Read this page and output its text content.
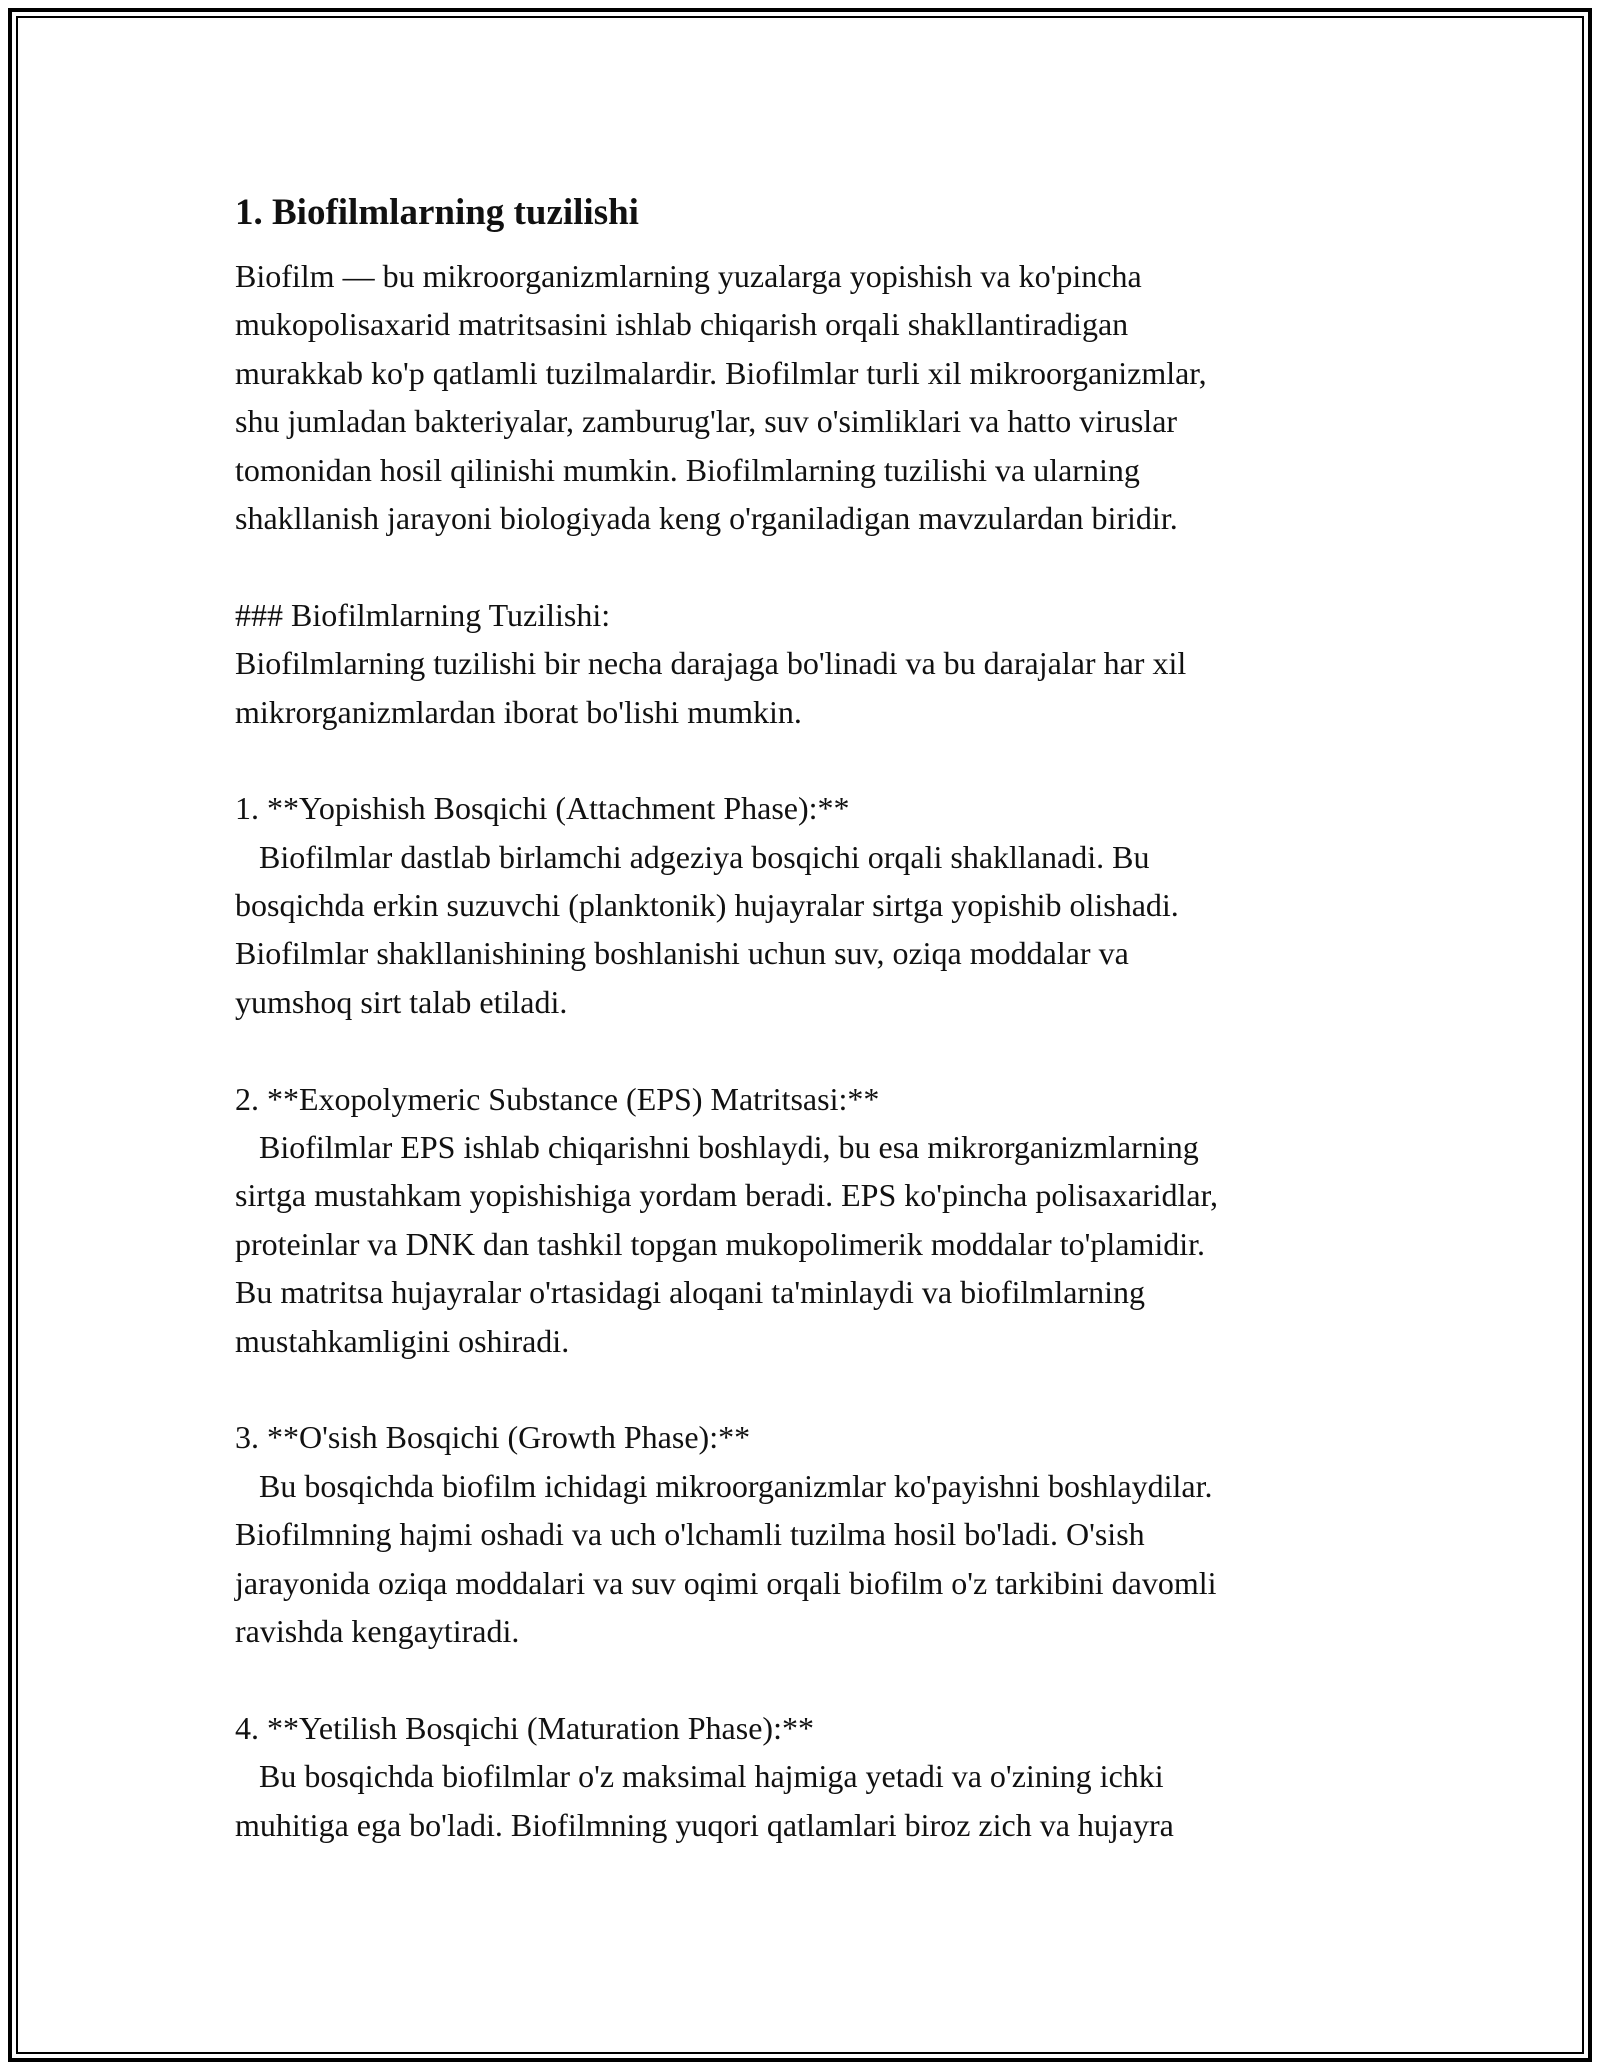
1. Biofilmlarning tuzilishi
Biofilm — bu mikroorganizmlarning yuzalarga yopishish va ko'pincha
mukopolisaxarid matritsasini ishlab chiqarish orqali shakllantiradigan
murakkab ko'p qatlamli tuzilmalardir. Biofilmlar turli xil mikroorganizmlar,
shu jumladan bakteriyalar, zamburug'lar, suv o'simliklari va hatto viruslar
tomonidan hosil qilinishi mumkin. Biofilmlarning tuzilishi va ularning
shakllanish jarayoni biologiyada keng o'rganiladigan mavzulardan biridir.
### Biofilmlarning Tuzilishi:
Biofilmlarning tuzilishi bir necha darajaga bo'linadi va bu darajalar har xil
mikrorganizmlardan iborat bo'lishi mumkin.
1. **Yopishish Bosqichi (Attachment Phase):**
Biofilmlar dastlab birlamchi adgeziya bosqichi orqali shakllanadi. Bu
bosqichda erkin suzuvchi (planktonik) hujayralar sirtga yopishib olishadi.
Biofilmlar shakllanishining boshlanishi uchun suv, oziqa moddalar va
yumshoq sirt talab etiladi.
2. **Exopolymeric Substance (EPS) Matritsasi:**
Biofilmlar EPS ishlab chiqarishni boshlaydi, bu esa mikrorganizmlarning
sirtga mustahkam yopishishiga yordam beradi. EPS ko'pincha polisaxaridlar,
proteinlar va DNK dan tashkil topgan mukopolimerik moddalar to'plamidir.
Bu matritsa hujayralar o'rtasidagi aloqani ta'minlaydi va biofilmlarning
mustahkamligini oshiradi.
3. **O'sish Bosqichi (Growth Phase):**
Bu bosqichda biofilm ichidagi mikroorganizmlar ko'payishni boshlaydilar.
Biofilmning hajmi oshadi va uch o'lchamli tuzilma hosil bo'ladi. O'sish
jarayonida oziqa moddalari va suv oqimi orqali biofilm o'z tarkibini davomli
ravishda kengaytiradi.
4. **Yetilish Bosqichi (Maturation Phase):**
Bu bosqichda biofilmlar o'z maksimal hajmiga yetadi va o'zining ichki
muhitiga ega bo'ladi. Biofilmning yuqori qatlamlari biroz zich va hujayra
